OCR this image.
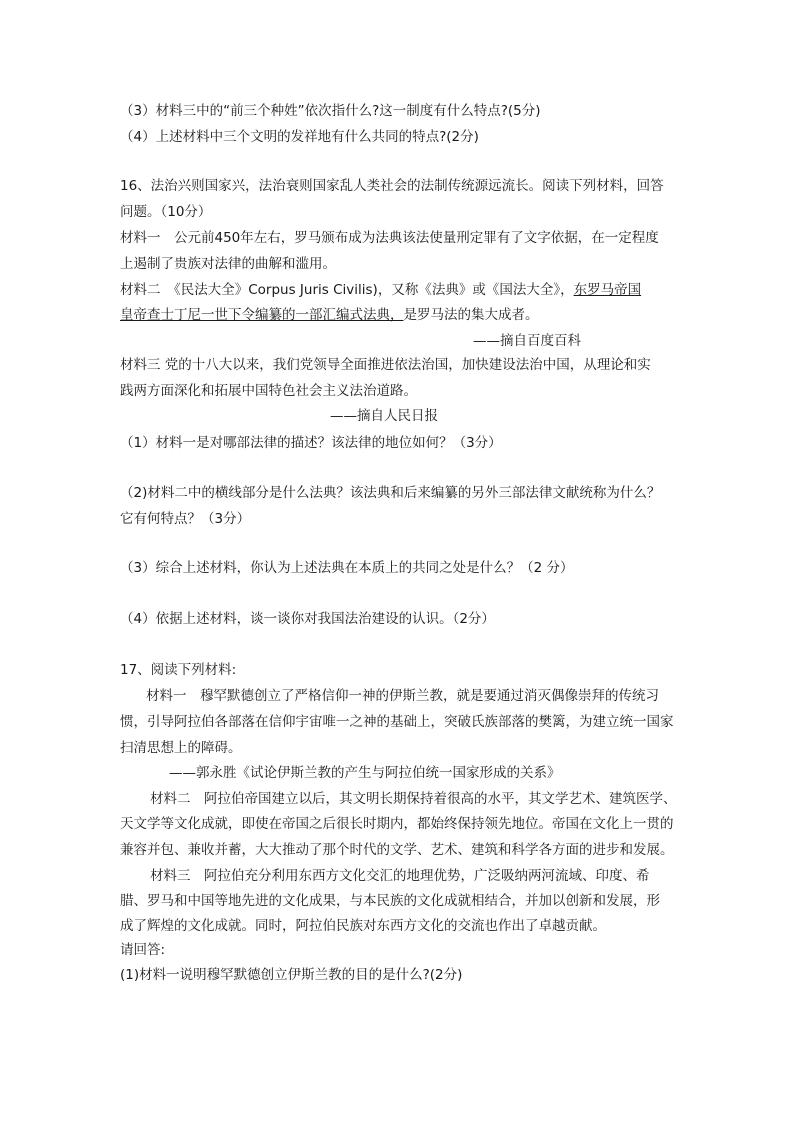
（3）材料三中的“前三个种姓”依次指什么?这一制度有什么特点?(5分)
（4）上述材料中三个文明的发祥地有什么共同的特点?(2分)
16、法治兴则国家兴，法治衰则国家乱人类社会的法制传统源远流长。阅读下列材料，回答
问题。（10分）
材料一　公元前450年左右，罗马颁布成为法典该法使量刑定罪有了文字依据，在一定程度
上遏制了贵族对法律的曲解和滥用。
材料二　《民法大全》Corpus Juris Civilis)，又称《法典》或《国法大全》，东罗马帝国
皇帝查士丁尼一世下令编纂的一部汇编式法典，是罗马法的集大成者。
——摘自百度百科
材料三 党的十八大以来，我们党领导全面推进依法治国，加快建设法治中国，从理论和实
践两方面深化和拓展中国特色社会主义法治道路。
——摘自人民日报
（1）材料一是对哪部法律的描述？该法律的地位如何？（3分）
（2)材料二中的横线部分是什么法典？该法典和后来编纂的另外三部法律文献统称为什么？
它有何特点？（3分）
（3）综合上述材料，你认为上述法典在本质上的共同之处是什么？（2 分）
（4）依据上述材料，谈一谈你对我国法治建设的认识。（2分）
17、阅读下列材料:
材料一　穆罕默德创立了严格信仰一神的伊斯兰教，就是要通过消灭偶像崇拜的传统习
惯，引导阿拉伯各部落在信仰宇宙唯一之神的基础上，突破氏族部落的樊篱，为建立统一国家
扫清思想上的障碍。
——郭永胜《试论伊斯兰教的产生与阿拉伯统一国家形成的关系》
材料二　阿拉伯帝国建立以后，其文明长期保持着很高的水平，其文学艺术、建筑医学、
天文学等文化成就，即使在帝国之后很长时期内，都始终保持领先地位。帝国在文化上一贯的
兼容并包、兼收并蓄，大大推动了那个时代的文学、艺术、建筑和科学各方面的进步和发展。
材料三　阿拉伯充分利用东西方文化交汇的地理优势，广泛吸纳两河流域、印度、希
腊、罗马和中国等地先进的文化成果，与本民族的文化成就相结合，并加以创新和发展，形
成了辉煌的文化成就。同时，阿拉伯民族对东西方文化的交流也作出了卓越贡献。
请回答:
(1)材料一说明穆罕默德创立伊斯兰教的目的是什么?(2分)
